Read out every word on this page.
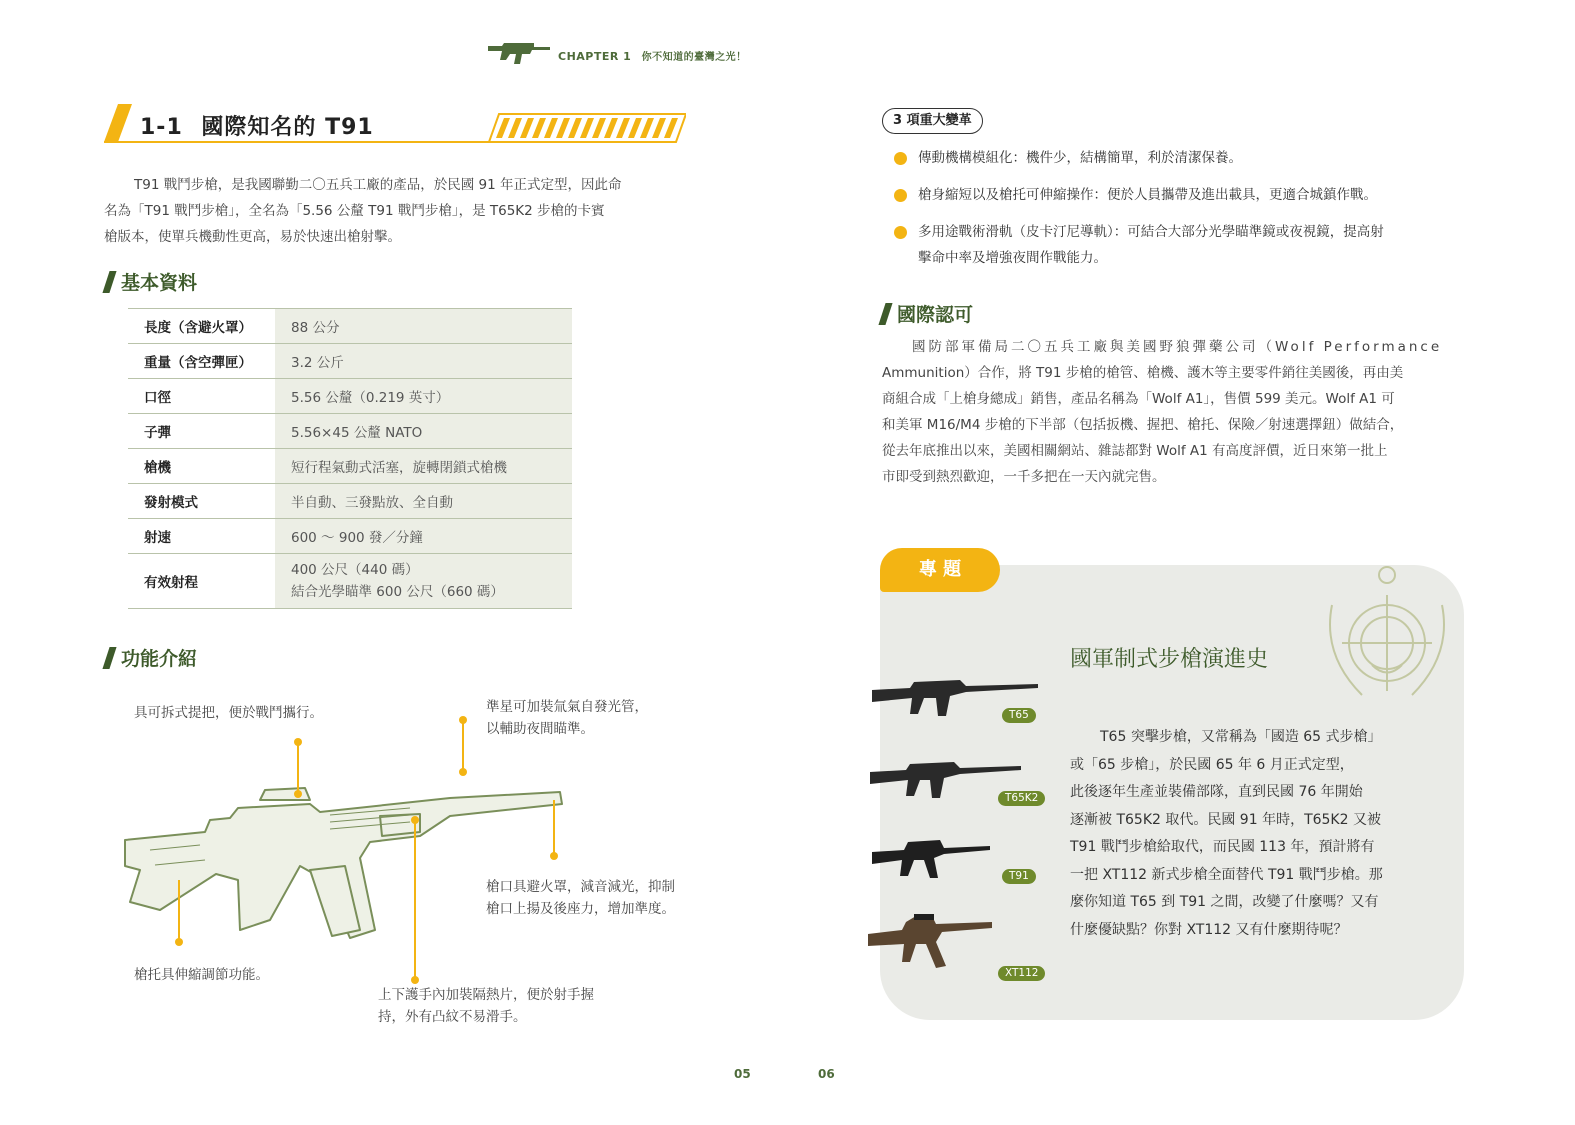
CHAPTER 1 你不知道的臺灣之光！
1-1 國際知名的 T91
T91 戰鬥步槍，是我國聯勤二〇五兵工廠的產品，於民國 91 年正式定型，因此命
名為「T91 戰鬥步槍」，全名為「5.56 公釐 T91 戰鬥步槍」，是 T65K2 步槍的卡賓
槍版本，使單兵機動性更高，易於快速出槍射擊。
基本資料
長度（含避火罩）	88 公分
重量（含空彈匣）	3.2 公斤
口徑	5.56 公釐（0.219 英寸）
子彈	5.56×45 公釐 NATO
槍機	短行程氣動式活塞，旋轉閉鎖式槍機
發射模式	半自動、三發點放、全自動
射速	600 ～ 900 發／分鐘
有效射程	400 公尺（440 碼）
結合光學瞄準 600 公尺（660 碼）
功能介紹
具可拆式提把，便於戰鬥攜行。	準星可加裝氚氣自發光管，
以輔助夜間瞄準。
槍口具避火罩，減音減光，抑制
槍口上揚及後座力，增加準度。
槍托具伸縮調節功能。
上下護手內加裝隔熱片，便於射手握
持，外有凸紋不易滑手。
3 項重大變革
傳動機構模組化：機件少，結構簡單，利於清潔保養。
槍身縮短以及槍托可伸縮操作：便於人員攜帶及進出載具，更適合城鎮作戰。
多用途戰術滑軌（皮卡汀尼導軌）：可結合大部分光學瞄準鏡或夜視鏡，提高射
擊命中率及增強夜間作戰能力。
國際認可
國防部軍備局二〇五兵工廠與美國野狼彈藥公司（Wolf Performance
Ammunition）合作，將 T91 步槍的槍管、槍機、護木等主要零件銷往美國後，再由美
商組合成「上槍身總成」銷售，產品名稱為「Wolf A1」，售價 599 美元。Wolf A1 可
和美軍 M16/M4 步槍的下半部（包括扳機、握把、槍托、保險／射速選擇鈕）做結合，
從去年底推出以來，美國相關網站、雜誌都對 Wolf A1 有高度評價，近日來第一批上
市即受到熱烈歡迎，一千多把在一天內就完售。
專 題
國軍制式步槍演進史
T65 突擊步槍，又常稱為「國造 65 式步槍」
或「65 步槍」，於民國 65 年 6 月正式定型，
此後逐年生產並裝備部隊，直到民國 76 年開始
逐漸被 T65K2 取代。民國 91 年時，T65K2 又被
T91 戰鬥步槍給取代，而民國 113 年，預計將有
一把 XT112 新式步槍全面替代 T91 戰鬥步槍。那
麼你知道 T65 到 T91 之間，改變了什麼嗎？又有
什麼優缺點？你對 XT112 又有什麼期待呢？
T65
T65K2
T91
XT112
05	06
